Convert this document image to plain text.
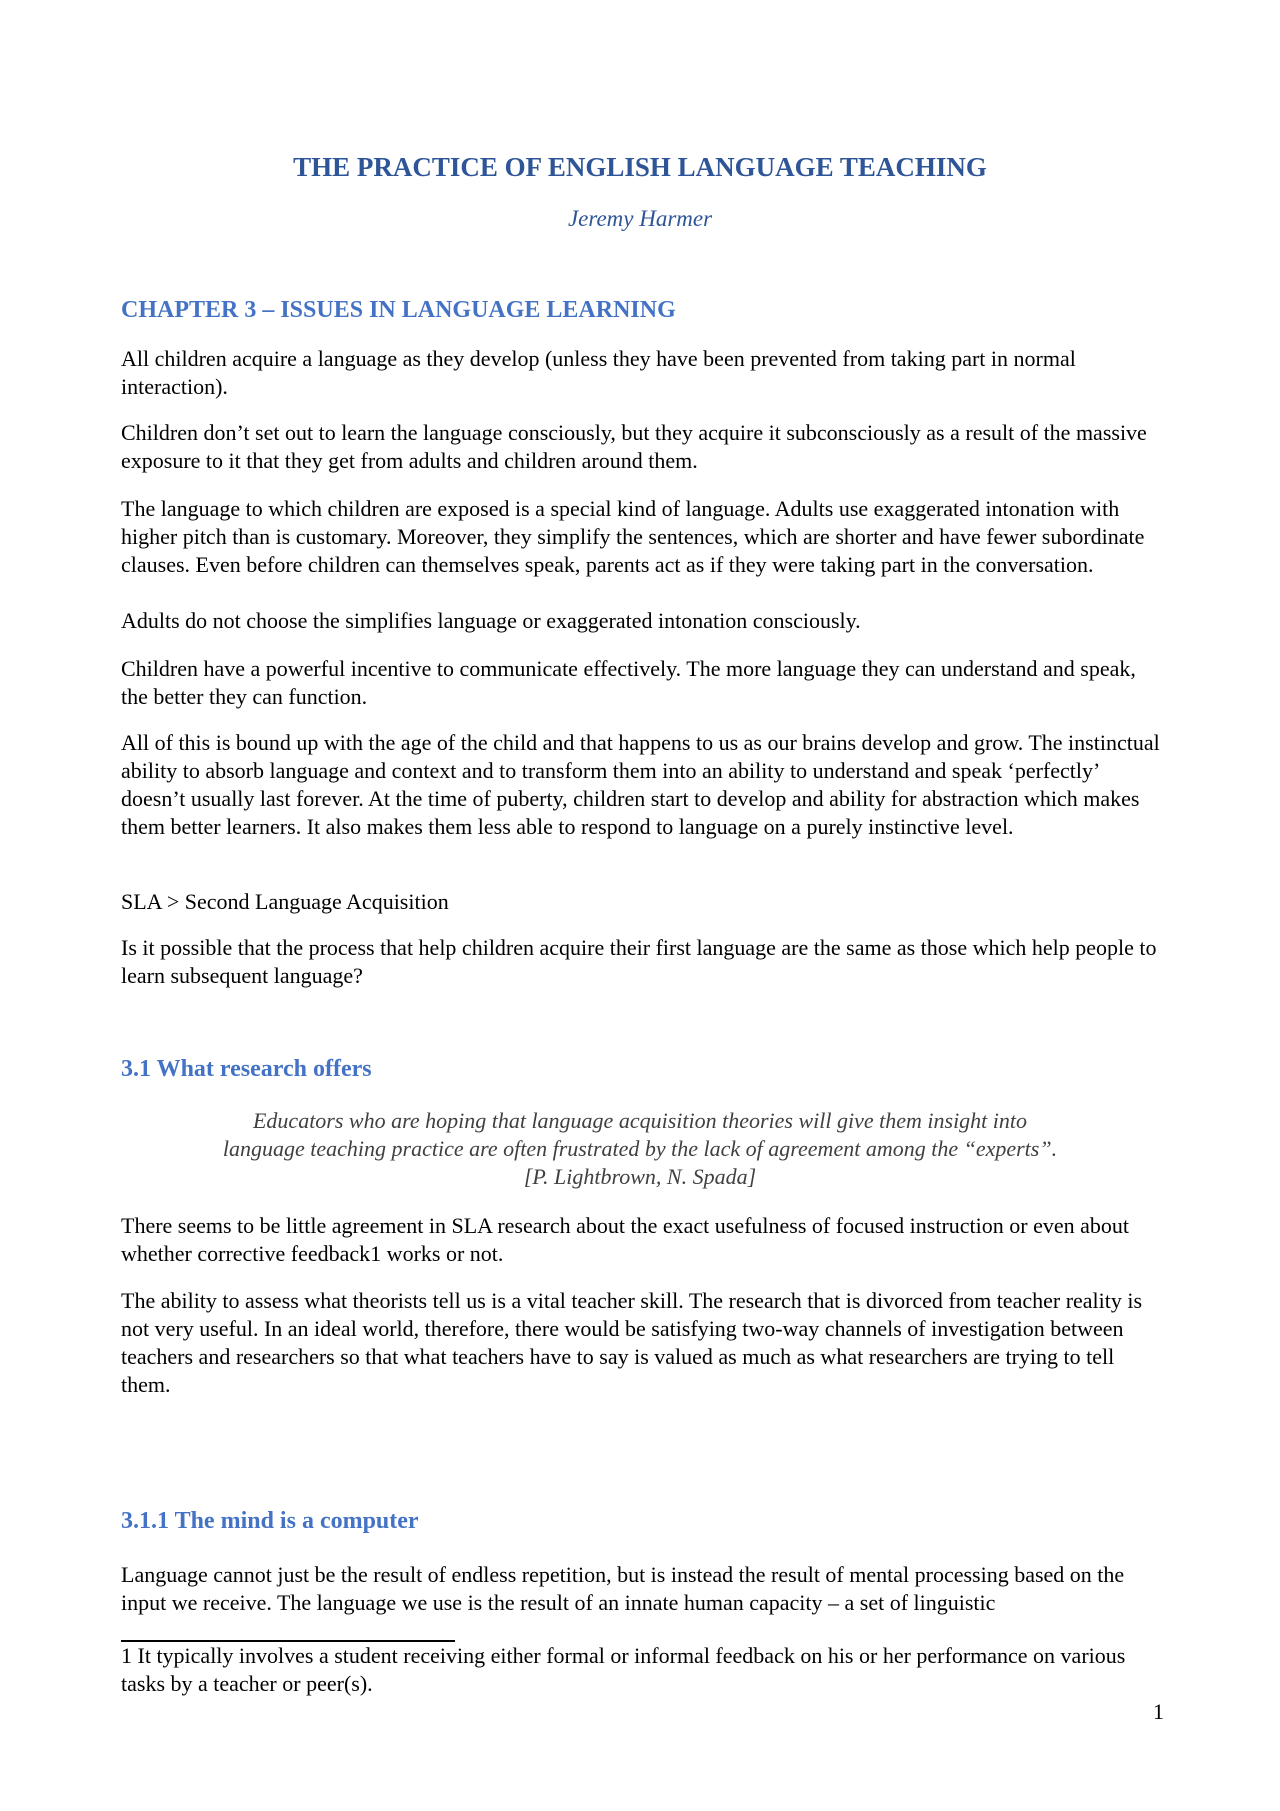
THE PRACTICE OF ENGLISH LANGUAGE TEACHING

Jeremy Harmer

CHAPTER 3 – ISSUES IN LANGUAGE LEARNING

All children acquire a language as they develop (unless they have been prevented from taking part in normal interaction).

Children don’t set out to learn the language consciously, but they acquire it subconsciously as a result of the massive exposure to it that they get from adults and children around them.

The language to which children are exposed is a special kind of language. Adults use exaggerated intonation with higher pitch than is customary. Moreover, they simplify the sentences, which are shorter and have fewer subordinate clauses. Even before children can themselves speak, parents act as if they were taking part in the conversation.

Adults do not choose the simplifies language or exaggerated intonation consciously.

Children have a powerful incentive to communicate effectively. The more language they can understand and speak, the better they can function.

All of this is bound up with the age of the child and that happens to us as our brains develop and grow. The instinctual ability to absorb language and context and to transform them into an ability to understand and speak ‘perfectly’ doesn’t usually last forever. At the time of puberty, children start to develop and ability for abstraction which makes them better learners. It also makes them less able to respond to language on a purely instinctive level.

SLA > Second Language Acquisition

Is it possible that the process that help children acquire their first language are the same as those which help people to learn subsequent language?

3.1 What research offers
Educators who are hoping that language acquisition theories will give them insight into language teaching practice are often frustrated by the lack of agreement among the “experts”. [P. Lightbrown, N. Spada]

There seems to be little agreement in SLA research about the exact usefulness of focused instruction or even about whether corrective feedback1 works or not.

The ability to assess what theorists tell us is a vital teacher skill. The research that is divorced from teacher reality is not very useful. In an ideal world, therefore, there would be satisfying two-way channels of investigation between teachers and researchers so that what teachers have to say is valued as much as what researchers are trying to tell them.

3.1.1 The mind is a computer

Language cannot just be the result of endless repetition, but is instead the result of mental processing based on the input we receive. The language we use is the result of an innate human capacity – a set of linguistic

1 It typically involves a student receiving either formal or informal feedback on his or her performance on various tasks by a teacher or peer(s).

1
